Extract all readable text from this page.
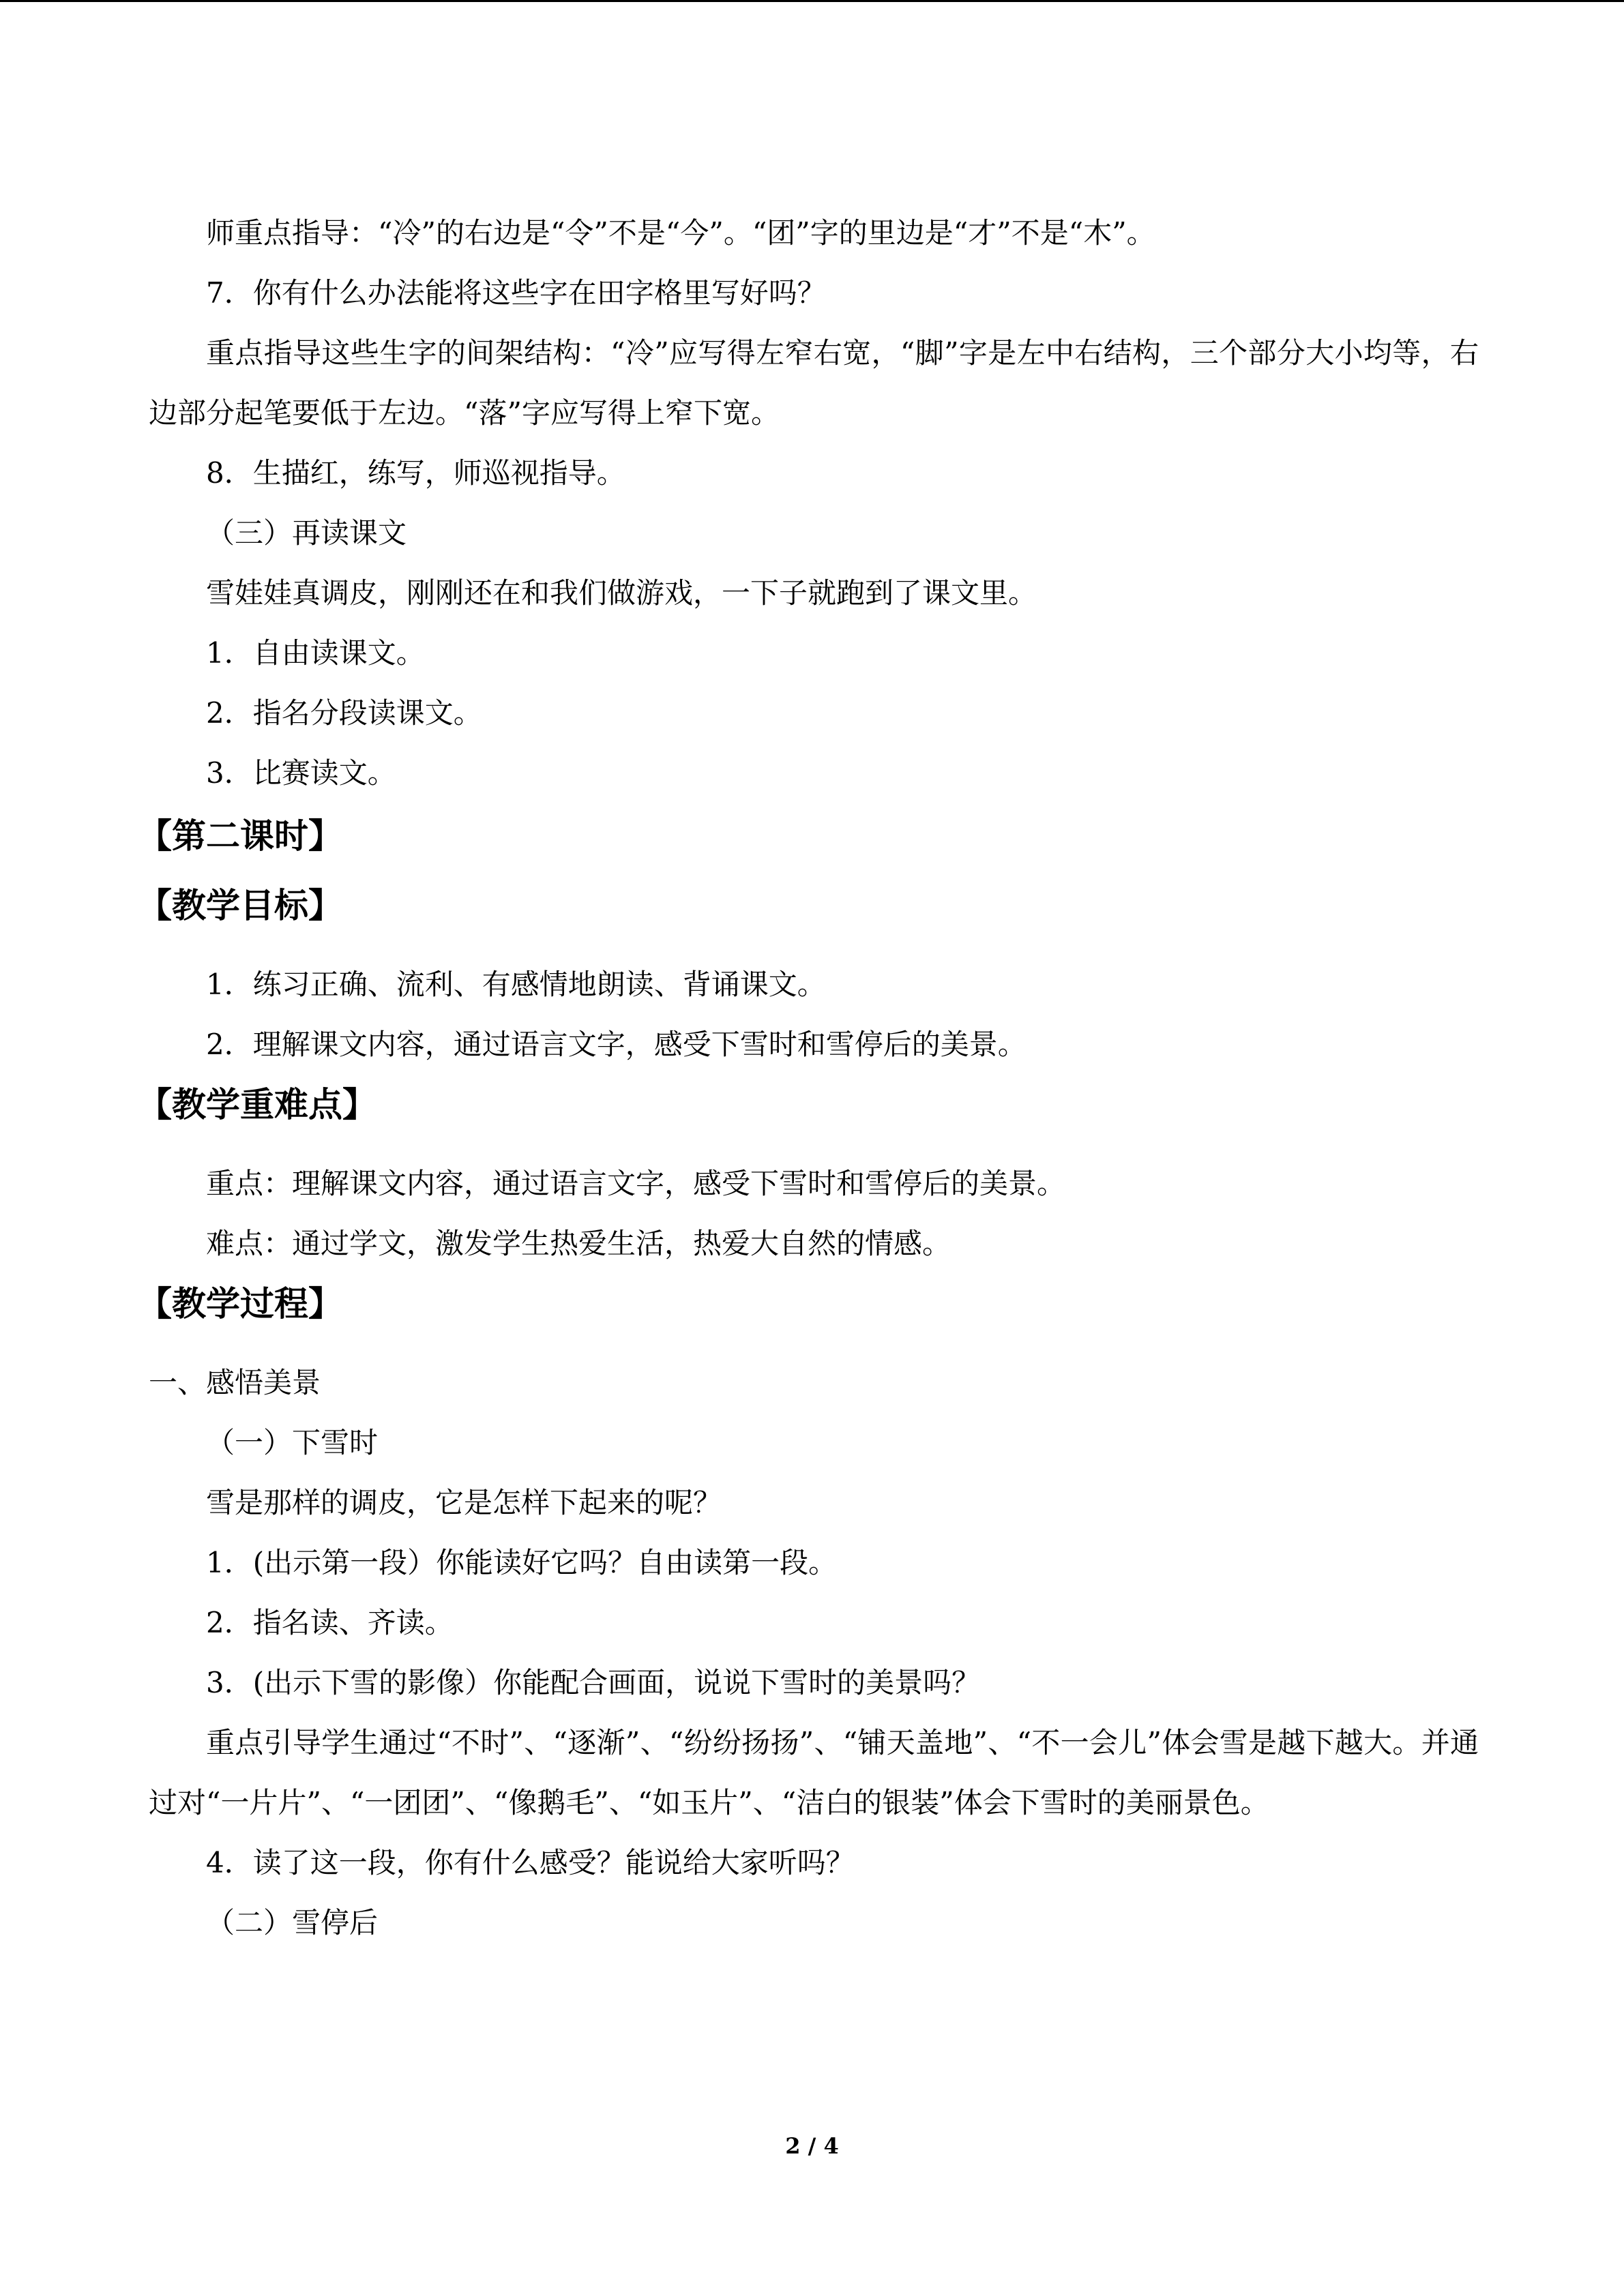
师重点指导：“冷”的右边是“令”不是“今”。“团”字的里边是“才”不是“木”。

7．你有什么办法能将这些字在田字格里写好吗？

重点指导这些生字的间架结构：“冷”应写得左窄右宽，“脚”字是左中右结构，三个部分大小均等，右边部分起笔要低于左边。“落”字应写得上窄下宽。

8．生描红，练写，师巡视指导。

（三）再读课文

雪娃娃真调皮，刚刚还在和我们做游戏，一下子就跑到了课文里。

1．自由读课文。

2．指名分段读课文。

3．比赛读文。

【第二课时】
【教学目标】

1．练习正确、流利、有感情地朗读、背诵课文。

2．理解课文内容，通过语言文字，感受下雪时和雪停后的美景。

【教学重难点】

重点：理解课文内容，通过语言文字，感受下雪时和雪停后的美景。

难点：通过学文，激发学生热爱生活，热爱大自然的情感。

【教学过程】

一、感悟美景

（一）下雪时

雪是那样的调皮，它是怎样下起来的呢？

1．(出示第一段）你能读好它吗？自由读第一段。

2．指名读、齐读。

3．(出示下雪的影像）你能配合画面，说说下雪时的美景吗？

重点引导学生通过“不时”、“逐渐”、“纷纷扬扬”、“铺天盖地”、“不一会儿”体会雪是越下越大。并通过对“一片片”、“一团团”、“像鹅毛”、“如玉片”、“洁白的银装”体会下雪时的美丽景色。

4．读了这一段，你有什么感受？能说给大家听吗？

（二）雪停后

2 / 4
